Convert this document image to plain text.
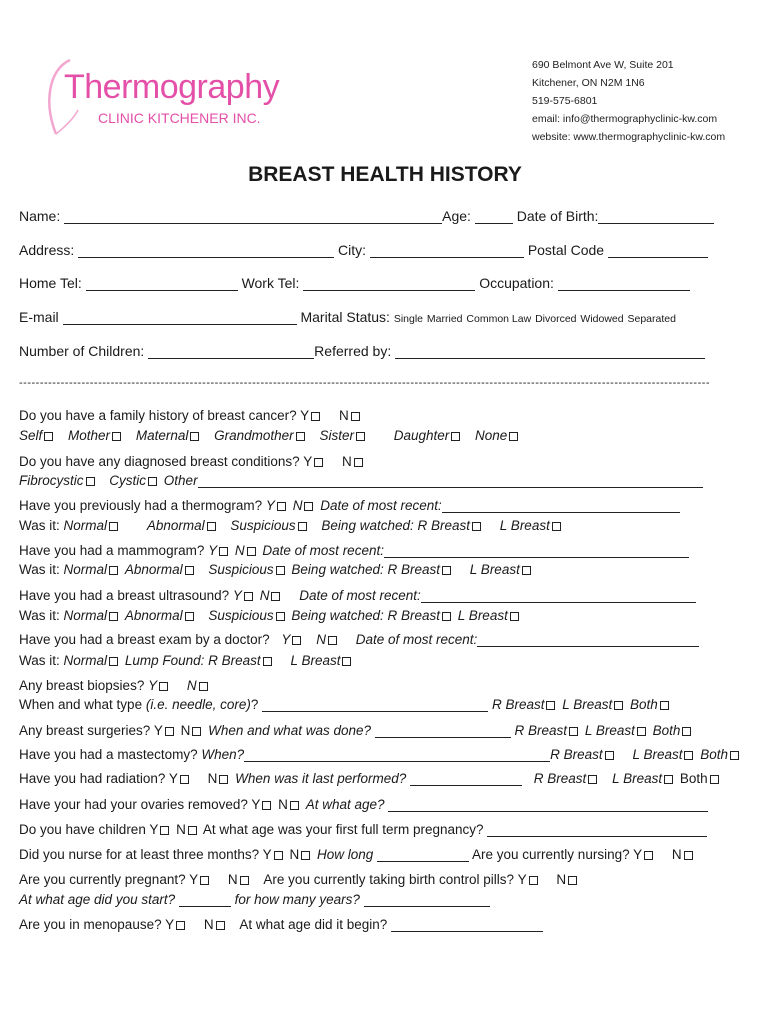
Thermography
CLINIC KITCHENER INC.
690 Belmont Ave W, Suite 201
Kitchener, ON N2M 1N6
519-575-6801
email: info@thermographyclinic-kw.com
website: www.thermographyclinic-kw.com
BREAST HEALTH HISTORY
Name:	Age:	Date of Birth:
Address:	City:	Postal Code
Home Tel:	Work Tel:	Occupation:
E-mail	Marital Status: Single Married Common Law Divorced Widowed Separated
Number of Children:	Referred by:
----------------------------------------------------------------------------------------------------------------------------------------------------------------------
Do you have a family history of breast cancer? Y N
Self Mother Maternal Grandmother Sister	Daughter None
Do you have any diagnosed breast conditions? Y N
Fibrocystic Cystic Other
Have you previously had a thermogram? Y N Date of most recent:
Was it: Normal	Abnormal Suspicious Being watched: R Breast L Breast
Have you had a mammogram? Y N Date of most recent:
Was it: Normal Abnormal Suspicious Being watched: R Breast L Breast
Have you had a breast ultrasound? Y N Date of most recent:
Was it: Normal Abnormal Suspicious Being watched: R Breast L Breast
Have you had a breast exam by a doctor? Y N Date of most recent:
Was it: Normal Lump Found: R Breast L Breast
Any breast biopsies? Y N
When and what type (i.e. needle, core)?	R Breast L Breast Both
Any breast surgeries? Y N When and what was done?	R Breast L Breast Both
Have you had a mastectomy? When?	R Breast L Breast Both
Have you had radiation? Y N When was it last performed?	R Breast L Breast Both
Have your had your ovaries removed? Y N At what age?
Do you have children Y N At what age was your first full term pregnancy?
Did you nurse for at least three months? Y N How long	Are you currently nursing? Y N
Are you currently pregnant? Y N Are you currently taking birth control pills? Y N
At what age did you start?	for how many years?
Are you in menopause? Y N At what age did it begin?
